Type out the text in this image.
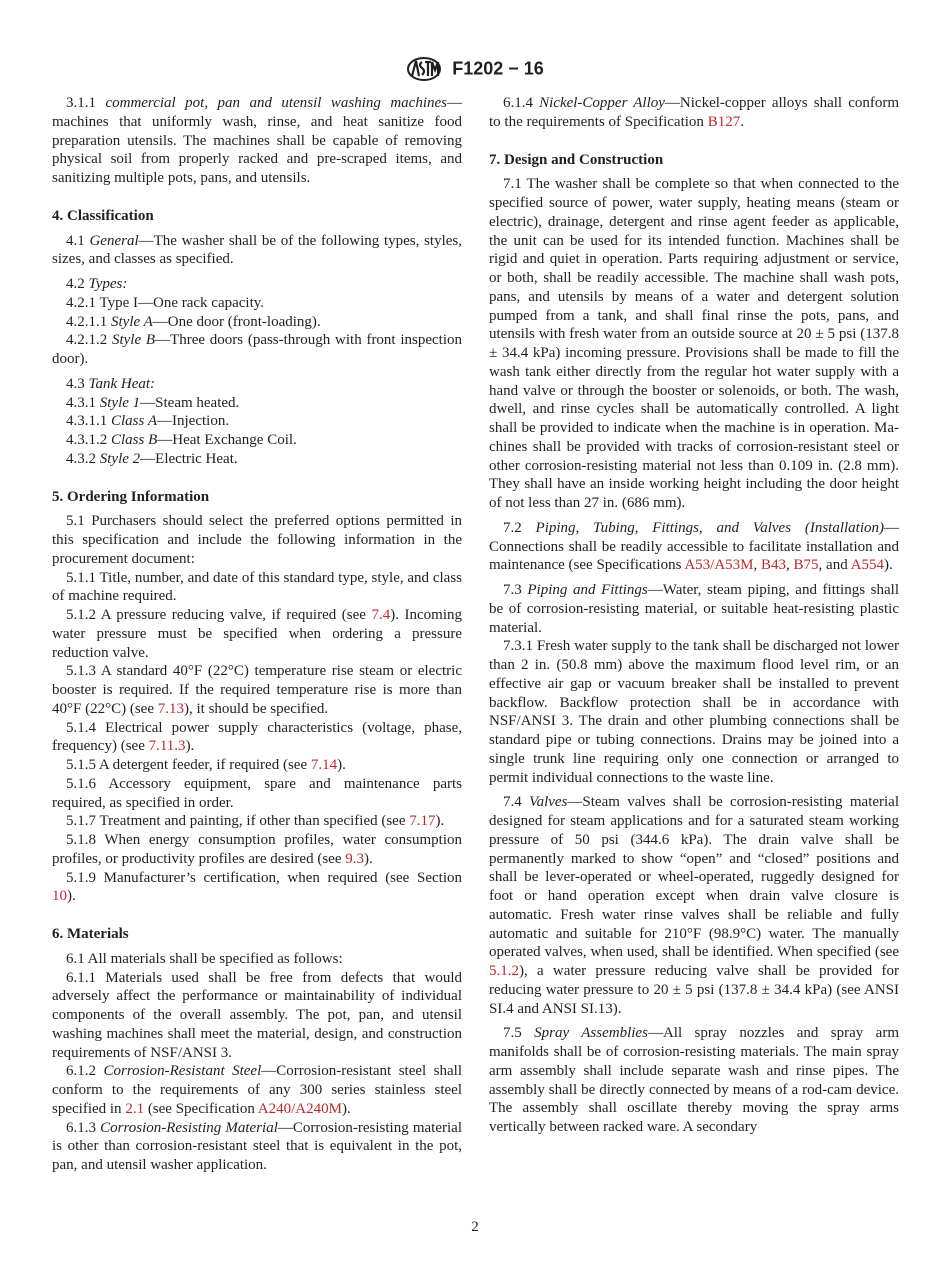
F1202 − 16

3.1.1 commercial pot, pan and utensil washing machines—machines that uniformly wash, rinse, and heat sanitize food preparation utensils. The machines shall be capable of removing physical soil from properly racked and pre-scraped items, and sanitizing multiple pots, pans, and utensils.

4. Classification

4.1 General—The washer shall be of the following types, styles, sizes, and classes as specified.

4.2 Types:

4.2.1 Type I—One rack capacity.

4.2.1.1 Style A—One door (front-loading).

4.2.1.2 Style B—Three doors (pass-through with front inspection door).

4.3 Tank Heat:

4.3.1 Style 1—Steam heated.

4.3.1.1 Class A—Injection.

4.3.1.2 Class B—Heat Exchange Coil.

4.3.2 Style 2—Electric Heat.

5. Ordering Information

5.1 Purchasers should select the preferred options permitted in this specification and include the following information in the procurement document:

5.1.1 Title, number, and date of this standard type, style, and class of machine required.

5.1.2 A pressure reducing valve, if required (see 7.4). Incoming water pressure must be specified when ordering a pressure reduction valve.

5.1.3 A standard 40°F (22°C) temperature rise steam or electric booster is required. If the required temperature rise is more than 40°F (22°C) (see 7.13), it should be specified.

5.1.4 Electrical power supply characteristics (voltage, phase, frequency) (see 7.11.3).

5.1.5 A detergent feeder, if required (see 7.14).

5.1.6 Accessory equipment, spare and maintenance parts required, as specified in order.

5.1.7 Treatment and painting, if other than specified (see 7.17).

5.1.8 When energy consumption profiles, water consumption profiles, or productivity profiles are desired (see 9.3).

5.1.9 Manufacturer’s certification, when required (see Section 10).

6. Materials

6.1 All materials shall be specified as follows:

6.1.1 Materials used shall be free from defects that would adversely affect the performance or maintainability of individual components of the overall assembly. The pot, pan, and utensil washing machines shall meet the material, design, and construction requirements of NSF/ANSI 3.

6.1.2 Corrosion-Resistant Steel—Corrosion-resistant steel shall conform to the requirements of any 300 series stainless steel specified in 2.1 (see Specification A240/A240M).

6.1.3 Corrosion-Resisting Material—Corrosion-resisting material is other than corrosion-resistant steel that is equivalent in the pot, pan, and utensil washer application.

6.1.4 Nickel-Copper Alloy—Nickel-copper alloys shall conform to the requirements of Specification B127.

7. Design and Construction

7.1 The washer shall be complete so that when connected to the specified source of power, water supply, heating means (steam or electric), drainage, detergent and rinse agent feeder as applicable, the unit can be used for its intended function. Machines shall be rigid and quiet in operation. Parts requiring adjustment or service, or both, shall be readily accessible. The machine shall wash pots, pans, and utensils by means of a water and detergent solution pumped from a tank, and shall final rinse the pots, pans, and utensils with fresh water from an outside source at 20 ± 5 psi (137.8 ± 34.4 kPa) incoming pressure. Provisions shall be made to fill the wash tank either directly from the regular hot water supply with a hand valve or through the booster or solenoids, or both. The wash, dwell, and rinse cycles shall be automatically controlled. A light shall be provided to indicate when the machine is in operation. Machines shall be provided with tracks of corrosion-resistant steel or other corrosion-resisting material not less than 0.109 in. (2.8 mm). They shall have an inside working height including the door height of not less than 27 in. (686 mm).

7.2 Piping, Tubing, Fittings, and Valves (Installation)—Connections shall be readily accessible to facilitate installation and maintenance (see Specifications A53/A53M, B43, B75, and A554).

7.3 Piping and Fittings—Water, steam piping, and fittings shall be of corrosion-resisting material, or suitable heat-resisting plastic material.

7.3.1 Fresh water supply to the tank shall be discharged not lower than 2 in. (50.8 mm) above the maximum flood level rim, or an effective air gap or vacuum breaker shall be installed to prevent backflow. Backflow protection shall be in accordance with NSF/ANSI 3. The drain and other plumbing connections shall be standard pipe or tubing connections. Drains may be joined into a single trunk line requiring only one connection or arranged to permit individual connections to the waste line.

7.4 Valves—Steam valves shall be corrosion-resisting material designed for steam applications and for a saturated steam working pressure of 50 psi (344.6 kPa). The drain valve shall be permanently marked to show “open” and “closed” positions and shall be lever-operated or wheel-operated, ruggedly designed for foot or hand operation except when drain valve closure is automatic. Fresh water rinse valves shall be reliable and fully automatic and suitable for 210°F (98.9°C) water. The manually operated valves, when used, shall be identified. When specified (see 5.1.2), a water pressure reducing valve shall be provided for reducing water pressure to 20 ± 5 psi (137.8 ± 34.4 kPa) (see ANSI SI.4 and ANSI SI.13).

7.5 Spray Assemblies—All spray nozzles and spray arm manifolds shall be of corrosion-resisting materials. The main spray arm assembly shall include separate wash and rinse pipes. The assembly shall be directly connected by means of a rod-cam device. The assembly shall oscillate thereby moving the spray arms vertically between racked ware. A secondary

2
